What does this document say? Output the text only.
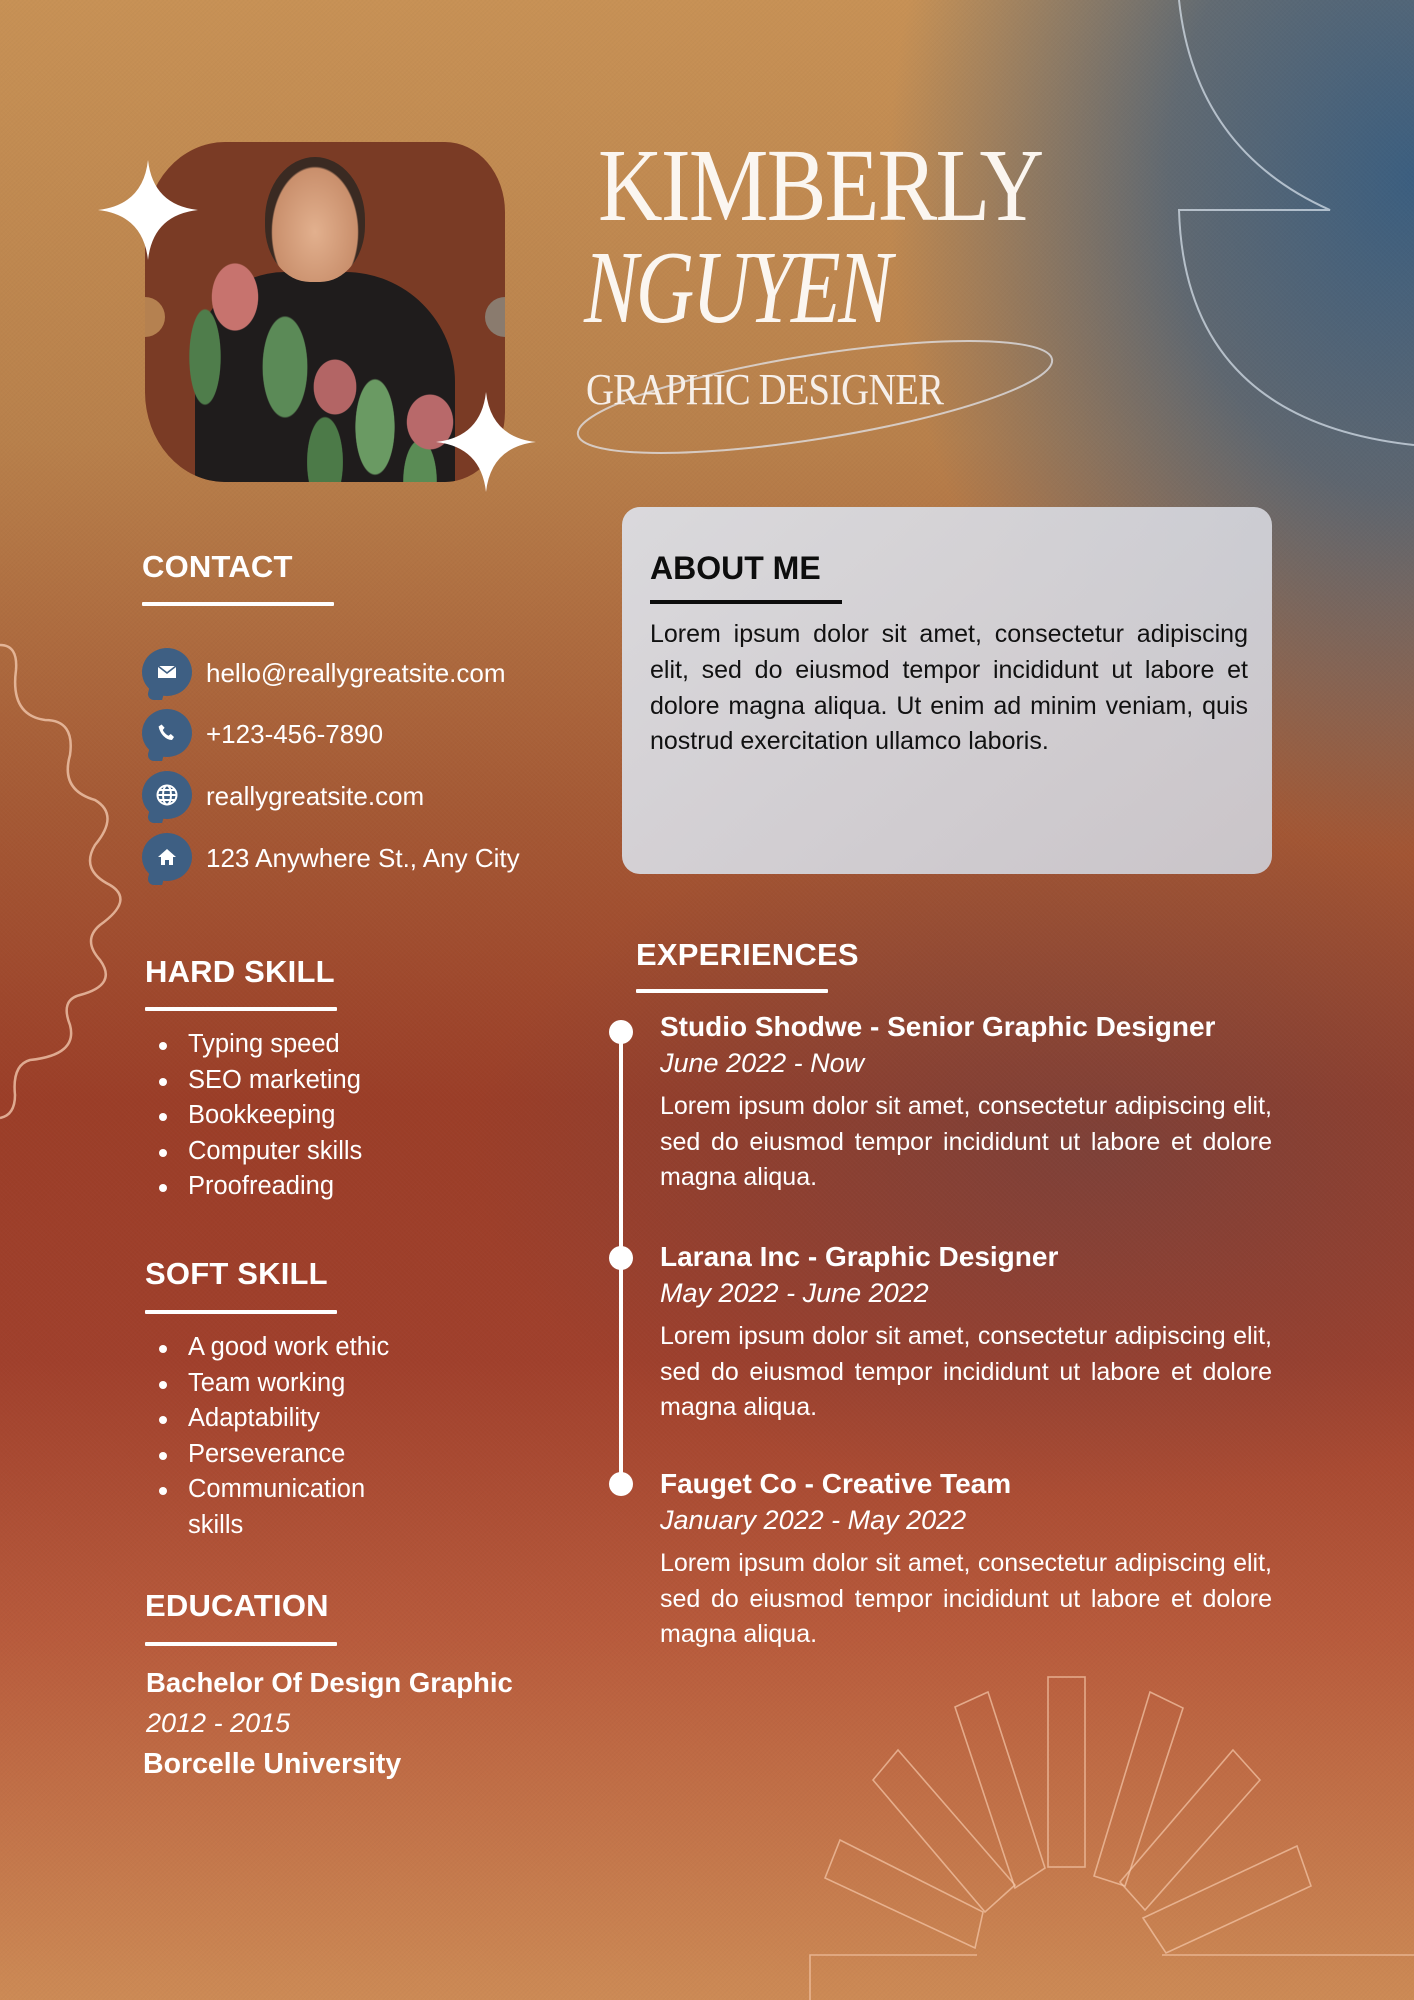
KIMBERLY
NGUYEN
GRAPHIC DESIGNER
CONTACT
hello@reallygreatsite.com
+123-456-7890
reallygreatsite.com
123 Anywhere St., Any City
HARD SKILL
Typing speed
SEO marketing
Bookkeeping
Computer skills
Proofreading
SOFT SKILL
A good work ethic
Team working
Adaptability
Perseverance
Communication skills
EDUCATION
Bachelor Of Design Graphic
2012 - 2015
Borcelle University
ABOUT ME
Lorem ipsum dolor sit amet, consectetur adipiscing elit, sed do eiusmod tempor incididunt ut labore et dolore magna aliqua. Ut enim ad minim veniam, quis nostrud exercitation ullamco laboris.
EXPERIENCES
Studio Shodwe - Senior Graphic Designer
June 2022 - Now
Lorem ipsum dolor sit amet, consectetur adipiscing elit, sed do eiusmod tempor incididunt ut labore et dolore magna aliqua.
Larana Inc - Graphic Designer
May 2022 - June 2022
Lorem ipsum dolor sit amet, consectetur adipiscing elit, sed do eiusmod tempor incididunt ut labore et dolore magna aliqua.
Fauget Co - Creative Team
January 2022 - May 2022
Lorem ipsum dolor sit amet, consectetur adipiscing elit, sed do eiusmod tempor incididunt ut labore et dolore magna aliqua.
